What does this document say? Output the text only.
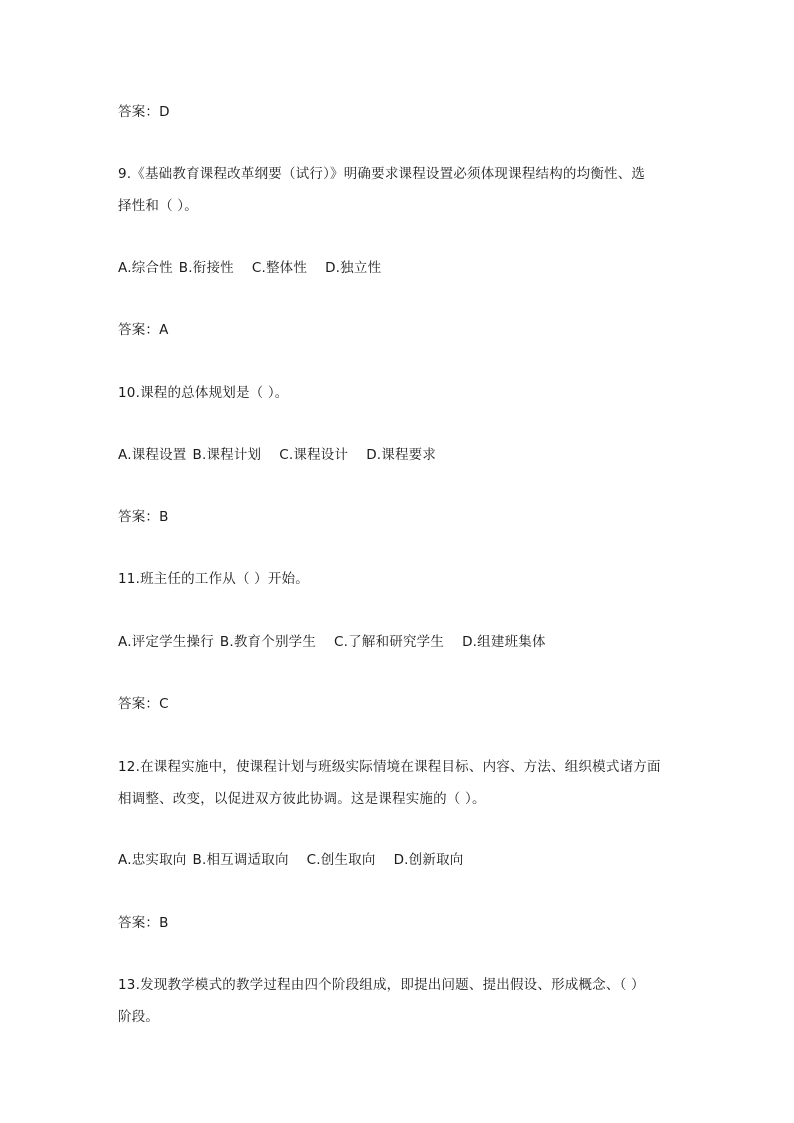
答案：D
9.《基础教育课程改革纲要（试行）》明确要求课程设置必须体现课程结构的均衡性、选
择性和（ ）。
A.综合性 B.衔接性 C.整体性 D.独立性
答案：A
10.课程的总体规划是（ ）。
A.课程设置 B.课程计划 C.课程设计 D.课程要求
答案：B
11.班主任的工作从（ ）开始。
A.评定学生操行 B.教育个别学生 C.了解和研究学生 D.组建班集体
答案：C
12.在课程实施中，使课程计划与班级实际情境在课程目标、内容、方法、组织模式诸方面
相调整、改变，以促进双方彼此协调。这是课程实施的（ ）。
A.忠实取向 B.相互调适取向 C.创生取向 D.创新取向
答案：B
13.发现教学模式的教学过程由四个阶段组成，即提出问题、提出假设、形成概念、（ ）
阶段。
